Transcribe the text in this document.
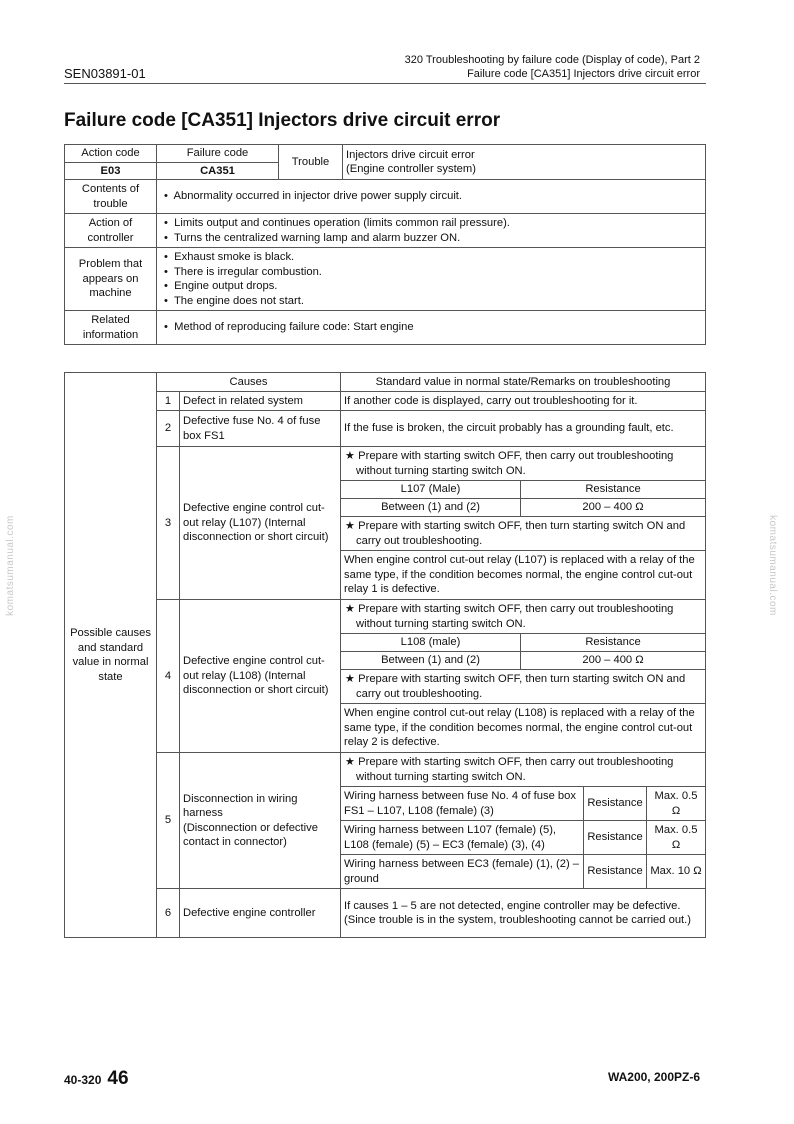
SEN03891-01
320 Troubleshooting by failure code (Display of code), Part 2
Failure code [CA351] Injectors drive circuit error
Failure code [CA351] Injectors drive circuit error
Action code	Failure code	Trouble	Injectors drive circuit error
(Engine controller system)

E03	CA351		
Contents of trouble	•  Abnormality occurred in injector drive power supply circuit.		

Action of controller	•  Limits output and continues operation (limits common rail pressure).
•  Turns the centralized warning lamp and alarm buzzer ON.		

Problem that appears on machine	•  Exhaust smoke is black.
•  There is irregular combustion.
•  Engine output drops.
•  The engine does not start.		

Related information	•  Method of reproducing failure code: Start engine		
Possible causes and standard value in normal state	Causes		Standard value in normal state/Remarks on troubleshooting			
	1	Defect in related system	If another code is displayed, carry out troubleshooting for it.			
	2	Defective fuse No. 4 of fuse box FS1	If the fuse is broken, the circuit probably has a grounding fault, etc.			
	3	Defective engine control cut-out relay (L107) (Internal disconnection or short circuit)	★ Prepare with starting switch OFF, then carry out troubleshooting without turning starting switch ON.			
			L107 (Male)	Resistance		
			Between (1) and (2)	200 – 400 Ω		
			★ Prepare with starting switch OFF, then turn starting switch ON and carry out troubleshooting.			
			When engine control cut-out relay (L107) is replaced with a relay of the same type, if the condition becomes normal, the engine control cut-out relay 1 is defective.			
	4	Defective engine control cut-out relay (L108) (Internal disconnection or short circuit)	★ Prepare with starting switch OFF, then carry out troubleshooting without turning starting switch ON.			
			L108 (male)	Resistance		
			Between (1) and (2)	200 – 400 Ω		
			★ Prepare with starting switch OFF, then turn starting switch ON and carry out troubleshooting.			
			When engine control cut-out relay (L108) is replaced with a relay of the same type, if the condition becomes normal, the engine control cut-out relay 2 is defective.			
	5	Disconnection in wiring harness
(Disconnection or defective contact in connector)	★ Prepare with starting switch OFF, then carry out troubleshooting without turning starting switch ON.			
			Wiring harness between fuse No. 4 of fuse box FS1 – L107, L108 (female) (3)		Resistance	Max. 0.5 Ω
			Wiring harness between L107 (female) (5), L108 (female) (5) – EC3 (female) (3), (4)		Resistance	Max. 0.5 Ω
			Wiring harness between EC3 (female) (1), (2) – ground		Resistance	Max. 10 Ω
	6	Defective engine controller	If causes 1 – 5 are not detected, engine controller may be defective. (Since trouble is in the system, troubleshooting cannot be carried out.)			
komatsumanual.com	komatsumanual.com
40-320 46	WA200, 200PZ-6
